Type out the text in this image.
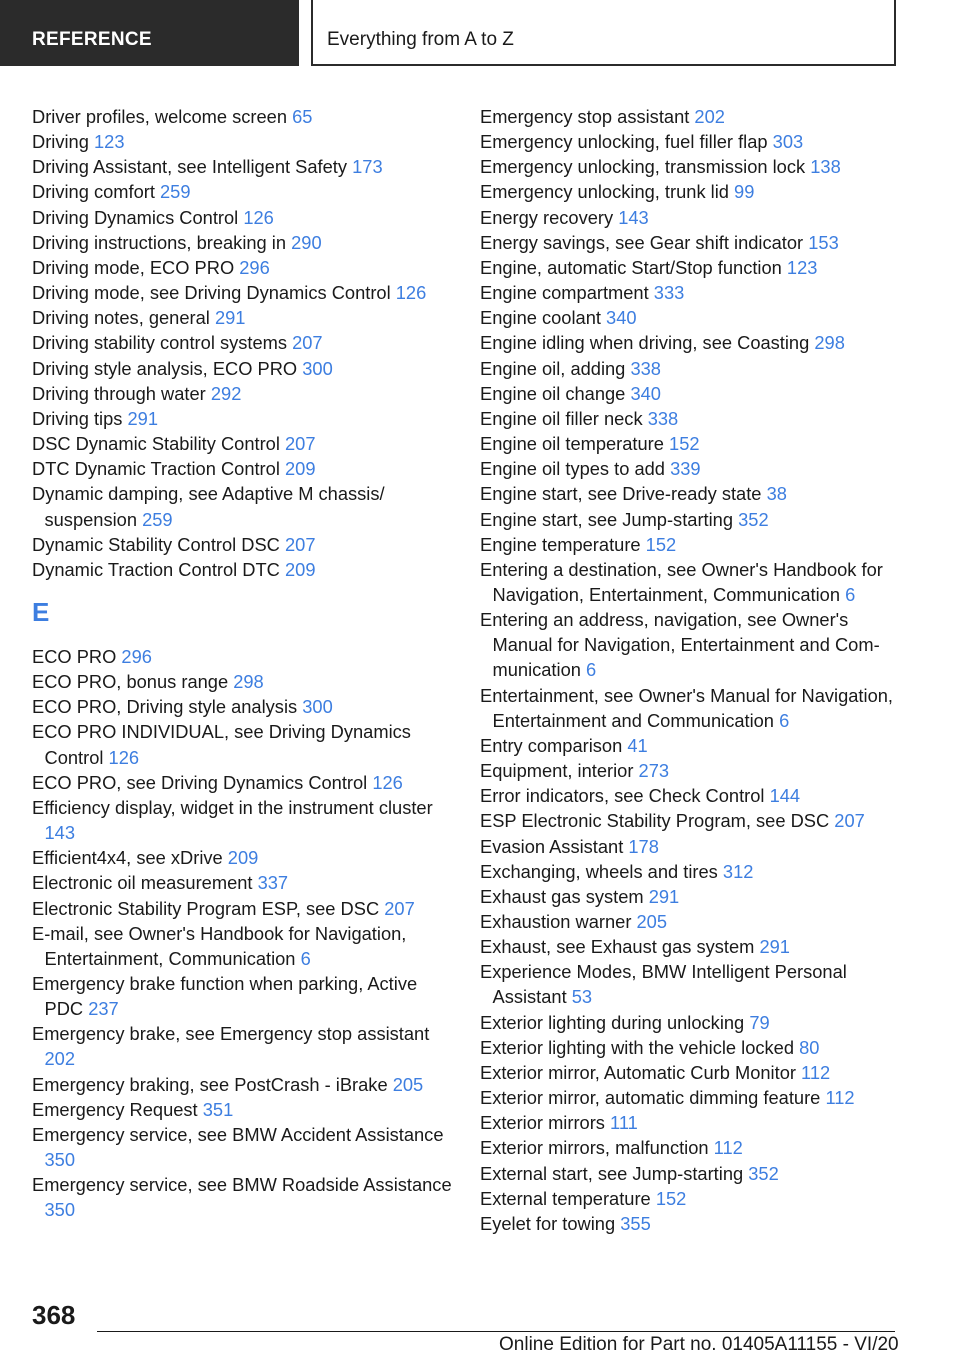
REFERENCE	Everything from A to Z
Driver profiles, welcome screen 65
Driving 123
Driving Assistant, see Intelligent Safety 173
Driving comfort 259
Driving Dynamics Control 126
Driving instructions, breaking in 290
Driving mode, ECO PRO 296
Driving mode, see Driving Dynamics Control 126
Driving notes, general 291
Driving stability control systems 207
Driving style analysis, ECO PRO 300
Driving through water 292
Driving tips 291
DSC Dynamic Stability Control 207
DTC Dynamic Traction Control 209
Dynamic damping, see Adaptive M chassis/ suspension 259
Dynamic Stability Control DSC 207
Dynamic Traction Control DTC 209
E
ECO PRO 296
ECO PRO, bonus range 298
ECO PRO, Driving style analysis 300
ECO PRO INDIVIDUAL, see Driving Dynamics Control 126
ECO PRO, see Driving Dynamics Control 126
Efficiency display, widget in the instrument cluster 143
Efficient4x4, see xDrive 209
Electronic oil measurement 337
Electronic Stability Program ESP, see DSC 207
E-mail, see Owner's Handbook for Navigation, Entertainment, Communication 6
Emergency brake function when parking, Active PDC 237
Emergency brake, see Emergency stop assistant 202
Emergency braking, see PostCrash - iBrake 205
Emergency Request 351
Emergency service, see BMW Accident Assistance 350
Emergency service, see BMW Roadside Assistance 350
Emergency stop assistant 202
Emergency unlocking, fuel filler flap 303
Emergency unlocking, transmission lock 138
Emergency unlocking, trunk lid 99
Energy recovery 143
Energy savings, see Gear shift indicator 153
Engine, automatic Start/Stop function 123
Engine compartment 333
Engine coolant 340
Engine idling when driving, see Coasting 298
Engine oil, adding 338
Engine oil change 340
Engine oil filler neck 338
Engine oil temperature 152
Engine oil types to add 339
Engine start, see Drive-ready state 38
Engine start, see Jump-starting 352
Engine temperature 152
Entering a destination, see Owner's Handbook for Navigation, Entertainment, Communication 6
Entering an address, navigation, see Owner's Manual for Navigation, Entertainment and Communication 6
Entertainment, see Owner's Manual for Navigation, Entertainment and Communication 6
Entry comparison 41
Equipment, interior 273
Error indicators, see Check Control 144
ESP Electronic Stability Program, see DSC 207
Evasion Assistant 178
Exchanging, wheels and tires 312
Exhaust gas system 291
Exhaustion warner 205
Exhaust, see Exhaust gas system 291
Experience Modes, BMW Intelligent Personal Assistant 53
Exterior lighting during unlocking 79
Exterior lighting with the vehicle locked 80
Exterior mirror, Automatic Curb Monitor 112
Exterior mirror, automatic dimming feature 112
Exterior mirrors 111
Exterior mirrors, malfunction 112
External start, see Jump-starting 352
External temperature 152
Eyelet for towing 355
368
Online Edition for Part no. 01405A11155 - VI/20
